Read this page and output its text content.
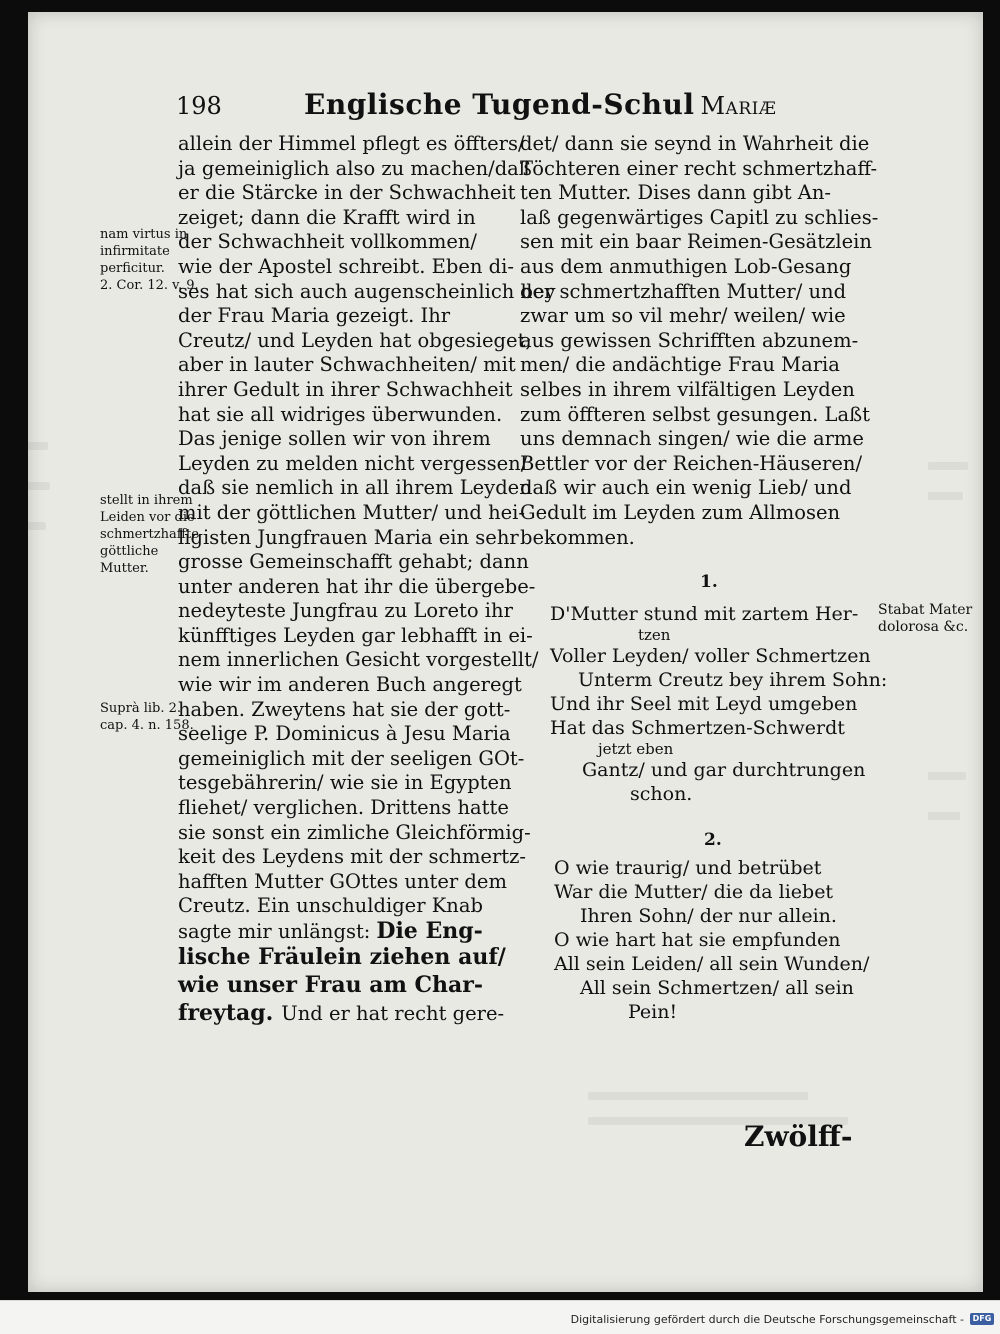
198	Englische Tugend-Schul Mariæ
allein der Himmel pflegt es öffters/
ja gemeiniglich also zu machen/daß
er die Stärcke in der Schwachheit
zeiget; dann die Krafft wird in
der Schwachheit vollkommen/
wie der Apostel schreibt. Eben di-
ses hat sich auch augenscheinlich bey
der Frau Maria gezeigt. Ihr
Creutz/ und Leyden hat obgesieget;
aber in lauter Schwachheiten/ mit
ihrer Gedult in ihrer Schwachheit
hat sie all widriges überwunden.
Das jenige sollen wir von ihrem
Leyden zu melden nicht vergessen/
daß sie nemlich in all ihrem Leyden
mit der göttlichen Mutter/ und hei-
ligisten Jungfrauen Maria ein sehr
grosse Gemeinschafft gehabt; dann
unter anderen hat ihr die übergebe-
nedeyteste Jungfrau zu Loreto ihr
künfftiges Leyden gar lebhafft in ei-
nem innerlichen Gesicht vorgestellt/
wie wir im anderen Buch angeregt
haben. Zweytens hat sie der gott-
seelige P. Dominicus à Jesu Maria
gemeiniglich mit der seeligen GOt-
tesgebährerin/ wie sie in Egypten
fliehet/ verglichen. Drittens hatte
sie sonst ein zimliche Gleichförmig-
keit des Leydens mit der schmertz-
hafften Mutter GOttes unter dem
Creutz. Ein unschuldiger Knab
sagte mir unlängst: Die Eng-

lische Fräulein ziehen auf/
wie unser Frau am Char-
freytag. Und er hat recht gere-
det/ dann sie seynd in Wahrheit die
Töchteren einer recht schmertzhaff-
ten Mutter. Dises dann gibt An-
laß gegenwärtiges Capitl zu schlies-
sen mit ein baar Reimen-Gesätzlein
aus dem anmuthigen Lob-Gesang
der schmertzhafften Mutter/ und
zwar um so vil mehr/ weilen/ wie
aus gewissen Schrifften abzunem-
men/ die andächtige Frau Maria
selbes in ihrem vilfältigen Leyden
zum öffteren selbst gesungen. Laßt
uns demnach singen/ wie die arme
Bettler vor der Reichen-Häuseren/
daß wir auch ein wenig Lieb/ und
Gedult im Leyden zum Allmosen
bekommen.
nam virtus in
infirmitate
perficitur.
2. Cor. 12. v. 9.
stellt in ihrem
Leiden vor die
schmertzhaffte
göttliche
Mutter.
Suprà lib. 2.
cap. 4. n. 158.
Stabat Mater
dolorosa &c.
1.
D'Mutter stund mit zartem Her-
tzen
Voller Leyden/ voller Schmertzen
Unterm Creutz bey ihrem Sohn:
Und ihr Seel mit Leyd umgeben
Hat das Schmertzen-Schwerdt
jetzt eben
Gantz/ und gar durchtrungen
schon.
2.
O wie traurig/ und betrübet
War die Mutter/ die da liebet
Ihren Sohn/ der nur allein.
O wie hart hat sie empfunden
All sein Leiden/ all sein Wunden/
All sein Schmertzen/ all sein
Pein!
Zwölff-
Digitalisierung gefördert durch die Deutsche Forschungsgemeinschaft -	DFG
